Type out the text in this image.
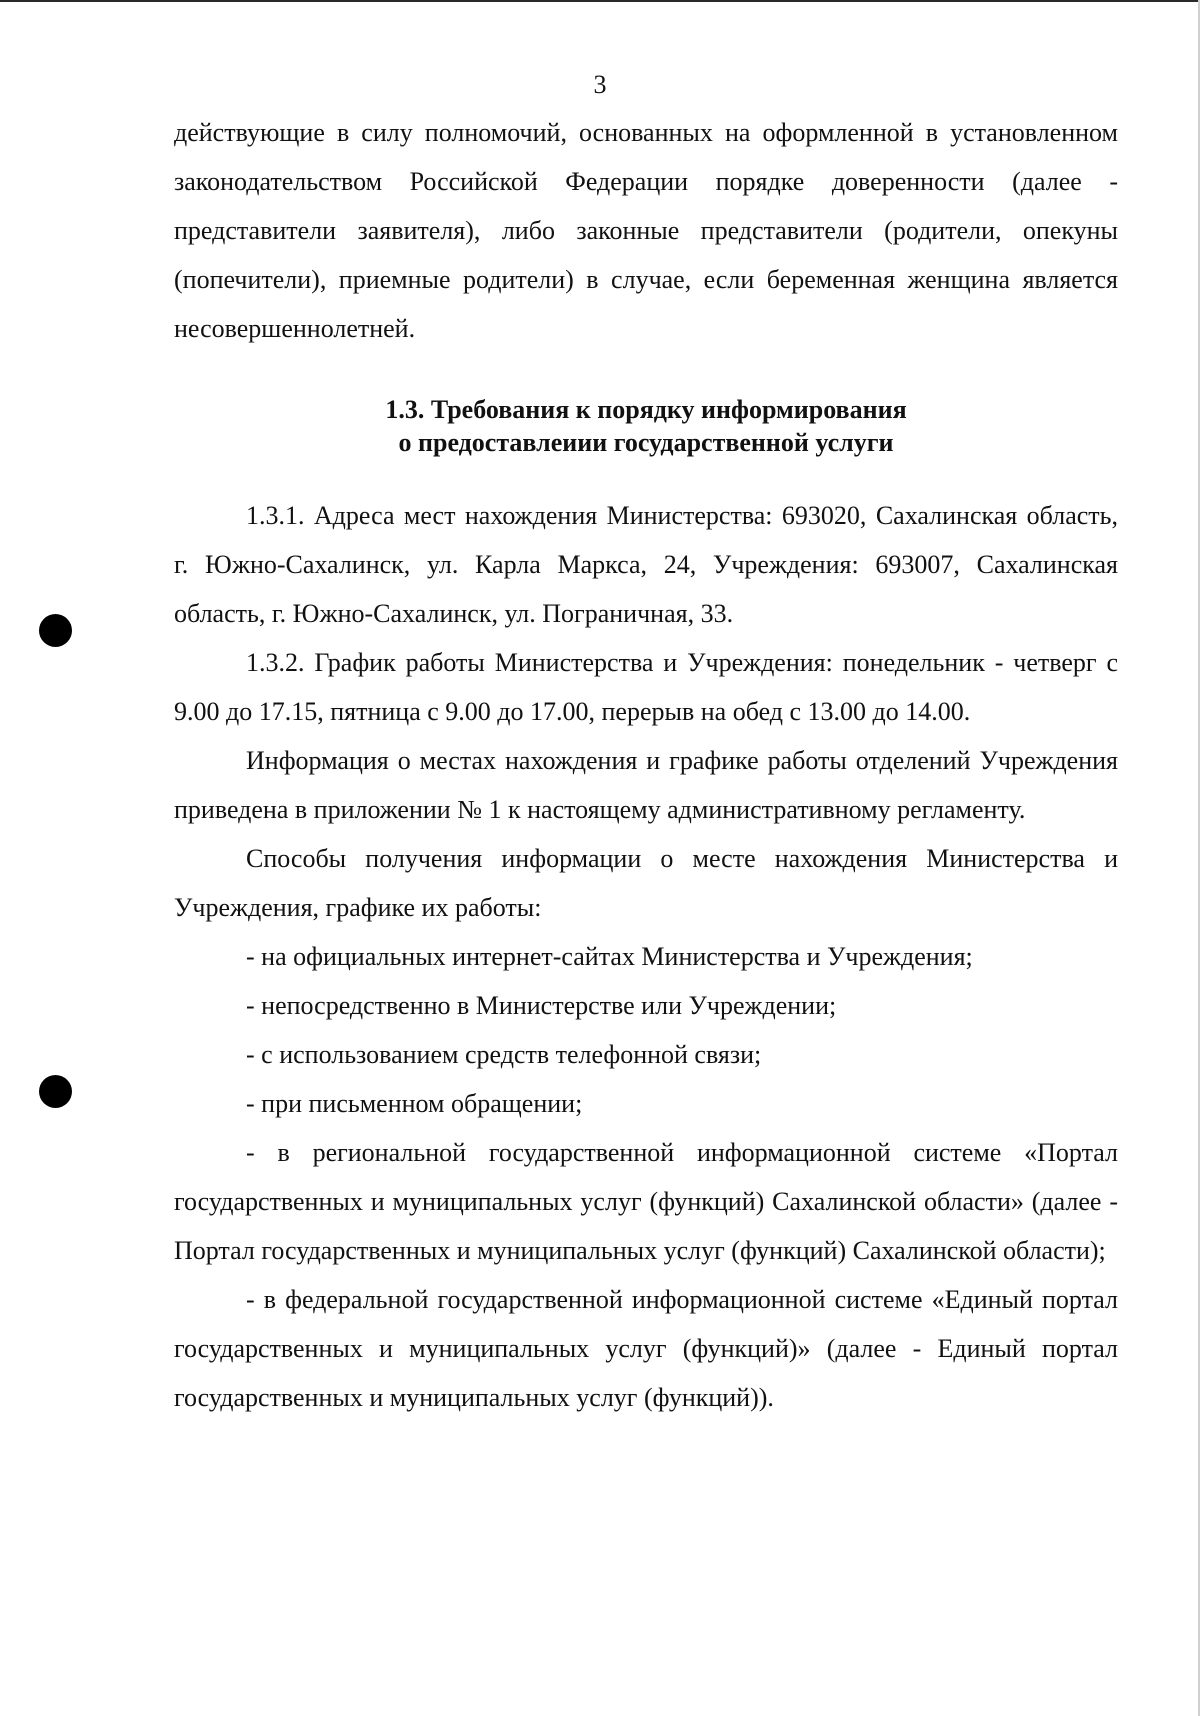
3

действующие в силу полномочий, основанных на оформленной в установленном законодательством Российской Федерации порядке доверенности (далее - представители заявителя), либо законные представители (родители, опекуны (попечители), приемные родители) в случае, если беременная женщина является несовершеннолетней.

1.3. Требования к порядку информирования
о предоставлеиии государственной услуги

1.3.1. Адреса мест нахождения Министерства: 693020, Сахалинская область, г. Южно-Сахалинск, ул. Карла Маркса, 24, Учреждения: 693007, Сахалинская область, г. Южно-Сахалинск, ул. Пограничная, 33.

1.3.2. График работы Министерства и Учреждения: понедельник - четверг с 9.00 до 17.15, пятница с 9.00 до 17.00, перерыв на обед с 13.00 до 14.00.

Информация о местах нахождения и графике работы отделений Учреждения приведена в приложении № 1 к настоящему административному регламенту.

Способы получения информации о месте нахождения Министерства и Учреждения, графике их работы:

- на официальных интернет-сайтах Министерства и Учреждения;

- непосредственно в Министерстве или Учреждении;

- с использованием средств телефонной связи;

- при письменном обращении;

- в региональной государственной информационной системе «Портал государственных и муниципальных услуг (функций) Сахалинской области» (далее - Портал государственных и муниципальных услуг (функций) Сахалинской области);

- в федеральной государственной информационной системе «Единый портал государственных и муниципальных услуг (функций)» (далее - Единый портал государственных и муниципальных услуг (функций)).
